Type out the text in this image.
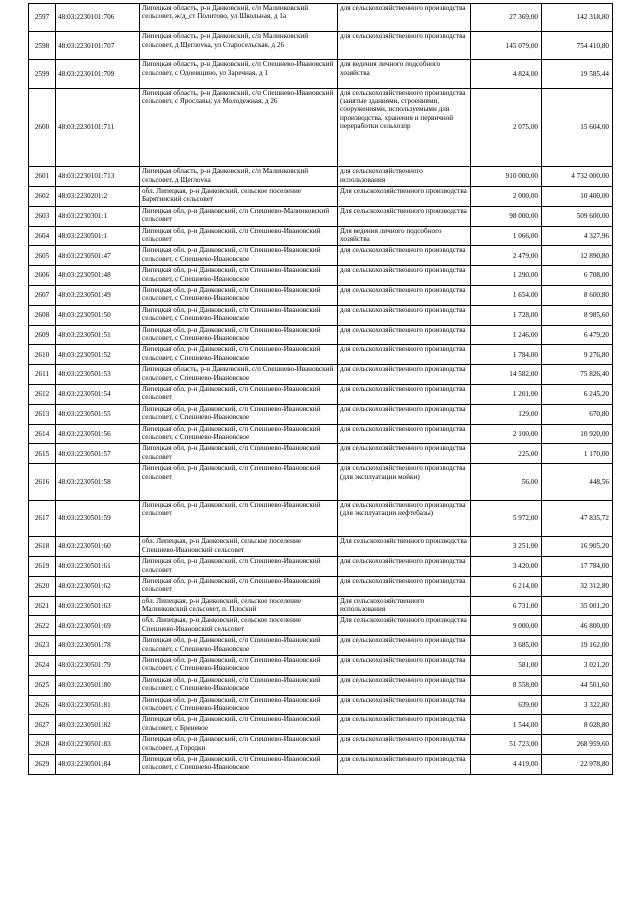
2597	48:03:2230101:706	Липецкая область, р-н Данковский, с/п Малинковский сельсовет, ж/д_ст Политово, ул Школьная, д 1а	для сельскохозяйственного производства	27 369,00	142 318,80
2598	48:03:2230101:707	Липецкая область, р-н Данковский, с/п Малинковский сельсовет, д Щеглovка, ул Старосельская, д 26	для сельскохозяйственного производства	145 079,00	754 410,80
2599	48:03:2230101:709	Липецкая область, р-н Данковский, с/п Спешнево-Ивановский сельсовет, с Одоевщино, ул Заречная, д 1	для ведения личного подсобного хозяйства	4 824,00	19 585,44
2600	48:03:2230101:711	Липецкая область, р-н Данковский, с/п Спешнево-Ивановский сельсовет, с Ярославы, ул Молодежная, д 26	для сельскохозяйственного производства (занятые зданиями, строениями, сооружениями, используемыми для производства, хранения и первичной переработки сельхозпр	2 075,00	15 604,00
2601	48:03:2230101:713	Липецкая область, р-н Данковский, с/п Малинковский сельсовет, д Щеглovка	для сельскохозяйственного использования	910 000,00	4 732 000,00
2602	48:03:2230201:2	обл. Липецкая, р-н Данковский, сельское поселение Барятинский сельсовет	Для сельскохозяйственного производства	2 000,00	10 400,00
2603	48:03:2230301:1	Липецкая обл, р-н Данковский, с/п Спешнево-Малинковский сельсовет	Для сельскохозяйственного производства	98 000,00	509 600,00
2604	48:03:2230501:1	Липецкая обл, р-н Данковский, с/п Спешнево-Ивановский сельсовет	Для ведения личного подсобного хозяйства	1 066,00	4 327,96
2605	48:03:2230501:47	Липецкая обл, р-н Данковский, с/п Спешнево-Ивановский сельсовет, с Спешнево-Ивановское	для сельскохозяйственного производства	2 479,00	12 890,80
2606	48:03:2230501:48	Липецкая обл, р-н Данковский, с/п Спешнево-Ивановский сельсовет, с Спешнево-Ивановское	для сельскохозяйственного производства	1 290,00	6 708,00
2607	48:03:2230501:49	Липецкая обл, р-н Данковский, с/п Спешнево-Ивановский сельсовет, с Спешнево-Ивановское	для сельскохозяйственного производства	1 654,00	8 600,80
2608	48:03:2230501:50	Липецкая обл, р-н Данковский, с/п Спешнево-Ивановский сельсовет, с Спешнево-Ивановское	для сельскохозяйственного производства	1 728,00	8 985,60
2609	48:03:2230501:51	Липецкая обл, р-н Данковский, с/п Спешнево-Ивановский сельсовет, с Спешнево-Ивановское	для сельскохозяйственного производства	1 246,00	6 479,20
2610	48:03:2230501:52	Липецкая обл, р-н Данковский, с/п Спешнево-Ивановский сельсовет, с Спешнево-Ивановское	для сельскохозяйственного производства	1 784,00	9 276,80
2611	48:03:2230501:53	Липецкая область, р-н Данковский, с/п Спешнево-Ивановский сельсовет, с Спешнево-Ивановское	для сельскохозяйственного производства	14 582,00	75 826,40
2612	48:03:2230501:54	Липецкая обл, р-н Данковский, с/п Спешнево-Ивановский сельсовет	для сельскохозяйственного производства	1 201,00	6 245,20
2613	48:03:2230501:55	Липецкая обл, р-н Данковский, с/п Спешнево-Ивановский сельсовет, с Спешнево-Ивановское	для сельскохозяйственного производства	129,00	670,80
2614	48:03:2230501:56	Липецкая обл, р-н Данковский, с/п Спешнево-Ивановский сельсовет, с Спешнево-Ивановское	для сельскохозяйственного производства	2 100,00	10 920,00
2615	48:03:2230501:57	Липецкая обл, р-н Данковский, с/п Спешнево-Ивановский сельсовет	для сельскохозяйственного производства	225,00	1 170,00
2616	48:03:2230501:58	Липецкая обл, р-н Данковский, с/п Спешнево-Ивановский сельсовет	для сельскохозяйственного производства (для эксплуатации мойки)	56,00	448,56
2617	48:03:2230501:59	Липецкая обл, р-н Данковский, с/п Спешнево-Ивановский сельсовет	для сельскохозяйственного производства (для эксплуатации нефтебазы)	5 972,00	47 835,72
2618	48:03:2230501:60	обл. Липецкая, р-н Данковский, сельское поселение Спешнево-Ивановский сельсовет	Для сельскохозяйственного производства	3 251,00	16 905,20
2619	48:03:2230501:61	Липецкая обл, р-н Данковский, с/п Спешнево-Ивановский сельсовет	для сельскохозяйственного производства	3 420,00	17 784,00
2620	48:03:2230501:62	Липецкая обл, р-н Данковский, с/п Спешнево-Ивановский сельсовет	для сельскохозяйственного производства	6 214,00	32 312,80
2621	48:03:2230501:63	обл. Липецкая, р-н Данковский, сельское поселение Малинковский сельсовет, п. Плоский	Для сельскохозяйственного использования	6 731,00	35 001,20
2622	48:03:2230501:69	обл. Липецкая, р-н Данковский, сельское поселение Спешнево-Ивановский сельсовет	Для сельскохозяйственного производства	9 000,00	46 800,00
2623	48:03:2230501:78	Липецкая обл, р-н Данковский, с/п Спешнево-Ивановский сельсовет, с Спешнево-Ивановское	для сельскохозяйственного производства	3 685,00	19 162,00
2624	48:03:2230501:79	Липецкая обл, р-н Данковский, с/п Спешнево-Ивановский сельсовет, с Спешнево-Ивановское	для сельскохозяйственного производства	581,00	3 021,20
2625	48:03:2230501:80	Липецкая обл, р-н Данковский, с/п Спешнево-Ивановский сельсовет, с Спешнево-Ивановское	для сельскохозяйственного производства	8 558,00	44 501,60
2626	48:03:2230501:81	Липецкая обл, р-н Данковский, с/п Спешнево-Ивановский сельсовет, с Спешнево-Ивановское	для сельскохозяйственного производства	639,00	3 322,80
2627	48:03:2230501:82	Липецкая обл, р-н Данковский, с/п Спешнево-Ивановский сельсовет, с Бреневое	для сельскохозяйственного производства	1 544,00	8 028,80
2628	48:03:2230501:83	Липецкая обл, р-н Данковский, с/п Спешнево-Ивановский сельсовет, д Городки	для сельскохозяйственного производства	51 723,00	268 959,60
2629	48:03:2230501:84	Липецкая обл, р-н Данковский, с/п Спешнево-Ивановский сельсовет, с Спешнево-Ивановское	для сельскохозяйственного производства	4 419,00	22 978,80
